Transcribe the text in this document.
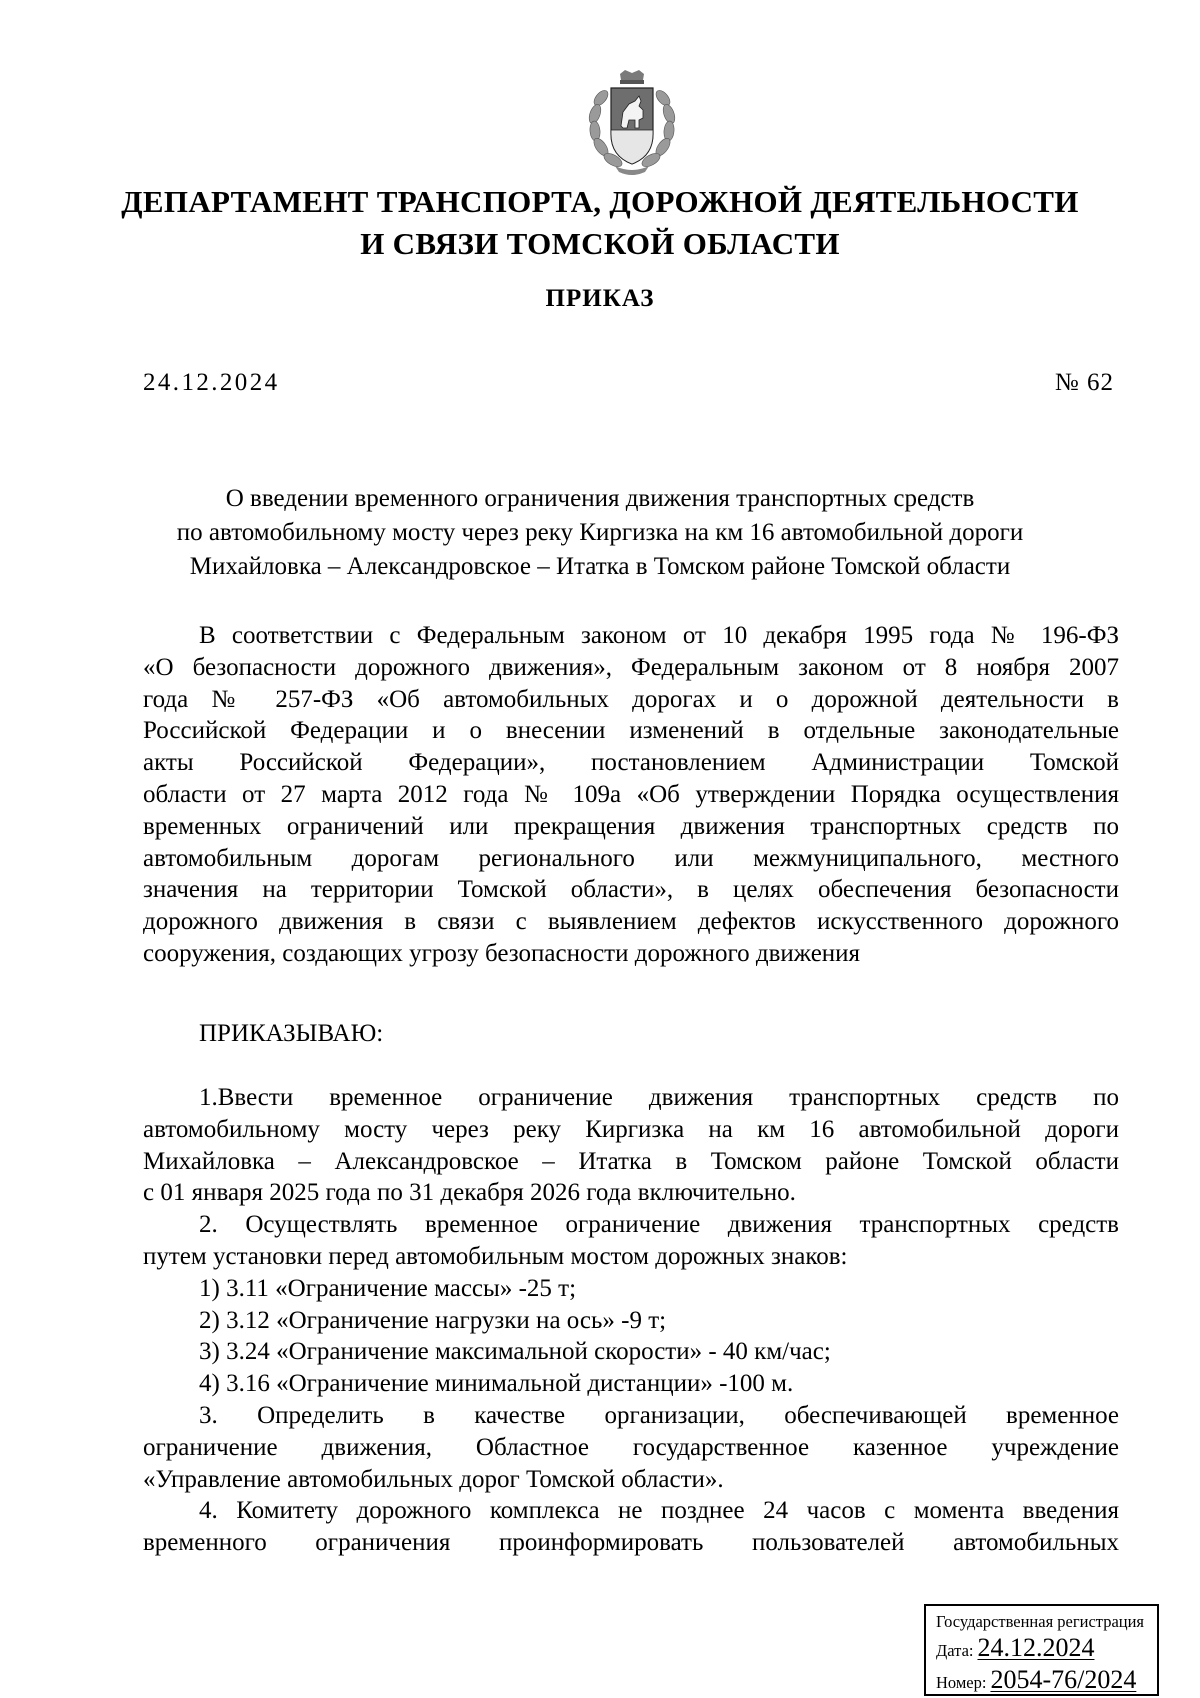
ДЕПАРТАМЕНТ ТРАНСПОРТА, ДОРОЖНОЙ ДЕЯТЕЛЬНОСТИ
И СВЯЗИ ТОМСКОЙ ОБЛАСТИ
ПРИКАЗ
24.12.2024	№ 62
О введении временного ограничения движения транспортных средств
по автомобильному мосту через реку Киргизка на км 16 автомобильной дороги
Михайловка – Александровское – Итатка в Томском районе Томской области
В соответствии с Федеральным законом от 10 декабря 1995 года № 196-ФЗ
«О безопасности дорожного движения», Федеральным законом от 8 ноября 2007
года № 257-ФЗ «Об автомобильных дорогах и о дорожной деятельности в
Российской Федерации и о внесении изменений в отдельные законодательные
акты Российской Федерации», постановлением Администрации Томской
области от 27 марта 2012 года № 109а «Об утверждении Порядка осуществления
временных ограничений или прекращения движения транспортных средств по
автомобильным дорогам регионального или межмуниципального, местного
значения на территории Томской области», в целях обеспечения безопасности
дорожного движения в связи с выявлением дефектов искусственного дорожного
сооружения, создающих угрозу безопасности дорожного движения
ПРИКАЗЫВАЮ:
1.Ввести временное ограничение движения транспортных средств по
автомобильному мосту через реку Киргизка на км 16 автомобильной дороги
Михайловка – Александровское – Итатка в Томском районе Томской области
с 01 января 2025 года по 31 декабря 2026 года включительно.
2. Осуществлять временное ограничение движения транспортных средств
путем установки перед автомобильным мостом дорожных знаков:
1) 3.11 «Ограничение массы» -25 т;
2) 3.12 «Ограничение нагрузки на ось» -9 т;
3) 3.24 «Ограничение максимальной скорости» - 40 км/час;
4) 3.16 «Ограничение минимальной дистанции» -100 м.
3. Определить в качестве организации, обеспечивающей временное
ограничение движения, Областное государственное казенное учреждение
«Управление автомобильных дорог Томской области».
4. Комитету дорожного комплекса не позднее 24 часов с момента введения
временного ограничения проинформировать пользователей автомобильных
Государственная регистрация
Дата: 24.12.2024
Номер: 2054-76/2024
